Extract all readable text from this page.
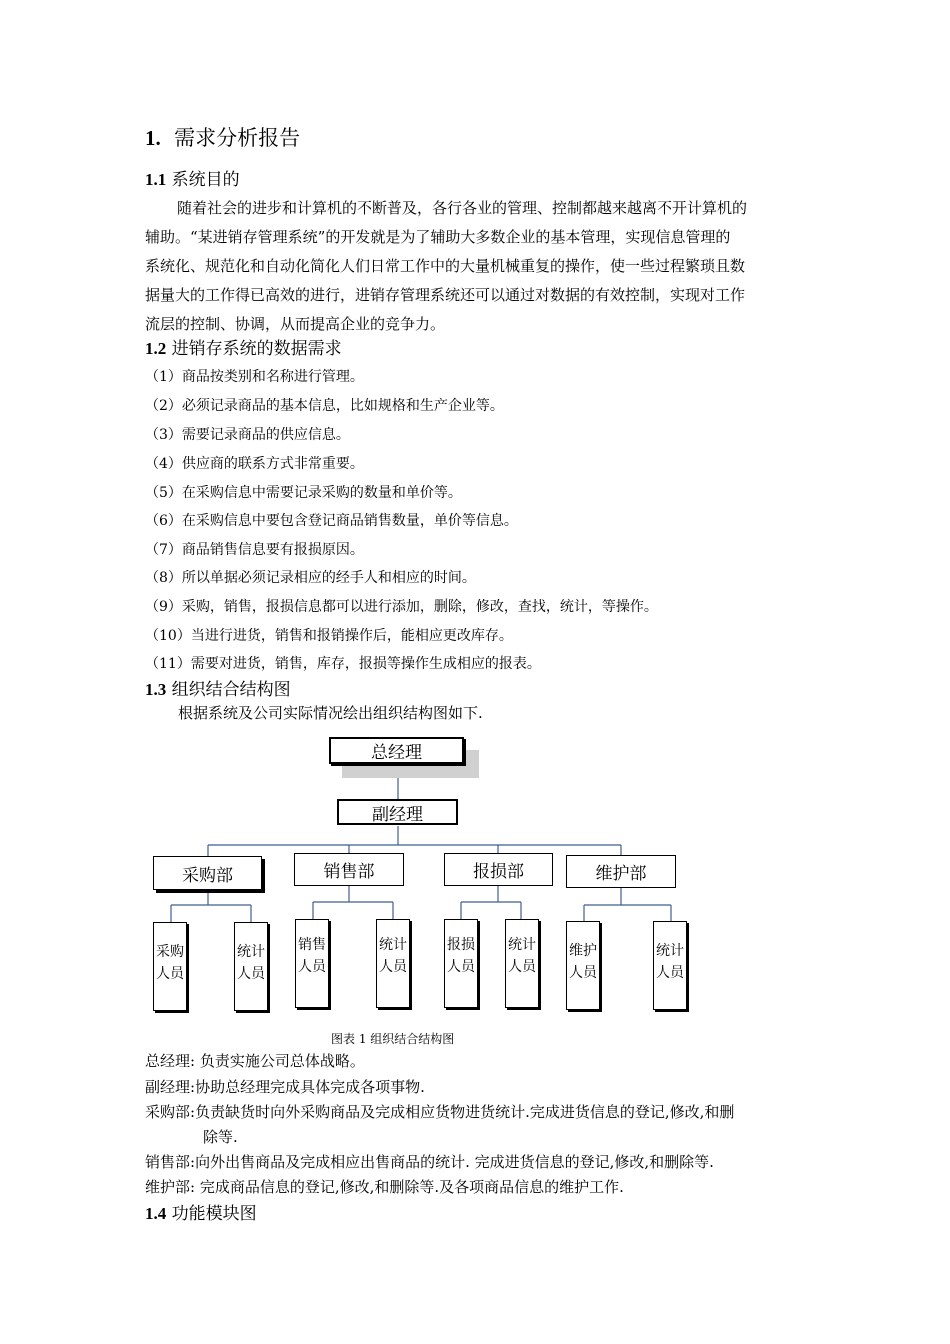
1. 需求分析报告
1.1 系统目的
随着社会的进步和计算机的不断普及，各行各业的管理、控制都越来越离不开计算机的
辅助。“某进销存管理系统”的开发就是为了辅助大多数企业的基本管理，实现信息管理的
系统化、规范化和自动化简化人们日常工作中的大量机械重复的操作，使一些过程繁琐且数
据量大的工作得已高效的进行，进销存管理系统还可以通过对数据的有效控制，实现对工作
流层的控制、协调，从而提高企业的竞争力。
1.2 进销存系统的数据需求
（1）商品按类别和名称进行管理。
（2）必须记录商品的基本信息，比如规格和生产企业等。
（3）需要记录商品的供应信息。
（4）供应商的联系方式非常重要。
（5）在采购信息中需要记录采购的数量和单价等。
（6）在采购信息中要包含登记商品销售数量，单价等信息。
（7）商品销售信息要有报损原因。
（8）所以单据必须记录相应的经手人和相应的时间。
（9）采购，销售，报损信息都可以进行添加，删除，修改，查找，统计，等操作。
（10）当进行进货，销售和报销操作后，能相应更改库存。
（11）需要对进货，销售，库存，报损等操作生成相应的报表。
1.3 组织结合结构图
根据系统及公司实际情况绘出组织结构图如下.
总经理
副经理
采购部	销售部	报损部	维护部
采购
人员
统计
人员
销售
人员
统计
人员
报损
人员
统计
人员
维护
人员
统计
人员
图表 1 组织结合结构图
总经理: 负责实施公司总体战略。
副经理:协助总经理完成具体完成各项事物.
采购部:负责缺货时向外采购商品及完成相应货物进货统计.完成进货信息的登记,修改,和删
除等.
销售部:向外出售商品及完成相应出售商品的统计. 完成进货信息的登记,修改,和删除等.
维护部: 完成商品信息的登记,修改,和删除等.及各项商品信息的维护工作.
1.4 功能模块图
